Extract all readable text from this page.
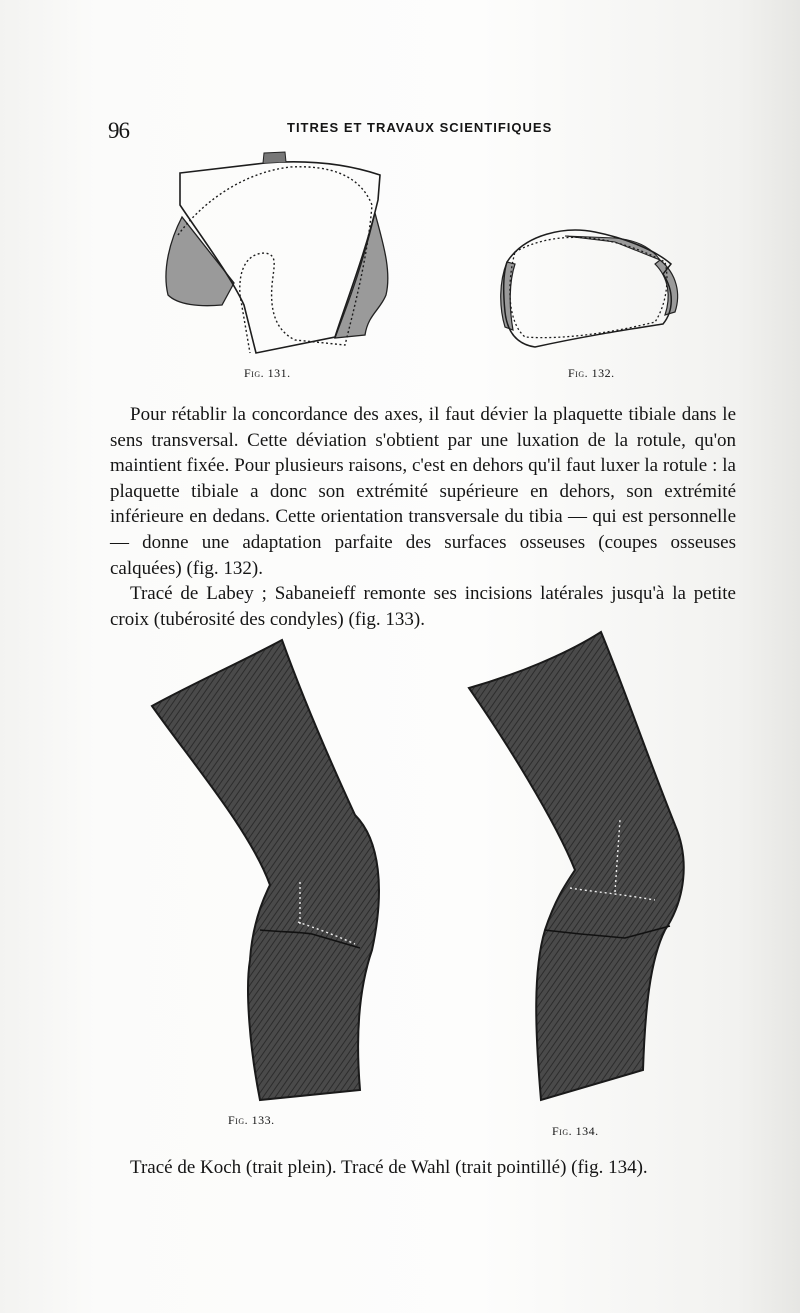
96	TITRES ET TRAVAUX SCIENTIFIQUES
Fig. 131.	Fig. 132.

Pour rétablir la concordance des axes, il faut dévier la plaquette tibiale dans le sens transversal. Cette déviation s'obtient par une luxation de la rotule, qu'on maintient fixée. Pour plusieurs raisons, c'est en dehors qu'il faut luxer la rotule : la plaquette tibiale a donc son extrémité supérieure en dehors, son extrémité inférieure en dedans. Cette orientation transversale du tibia — qui est personnelle — donne une adaptation parfaite des surfaces osseuses (coupes osseuses calquées) (fig. 132).

Tracé de Labey ; Sabaneieff remonte ses incisions latérales jusqu'à la petite croix (tubérosité des condyles) (fig. 133).

Fig. 133.
Fig. 134.
Tracé de Koch (trait plein). Tracé de Wahl (trait pointillé) (fig. 134).
